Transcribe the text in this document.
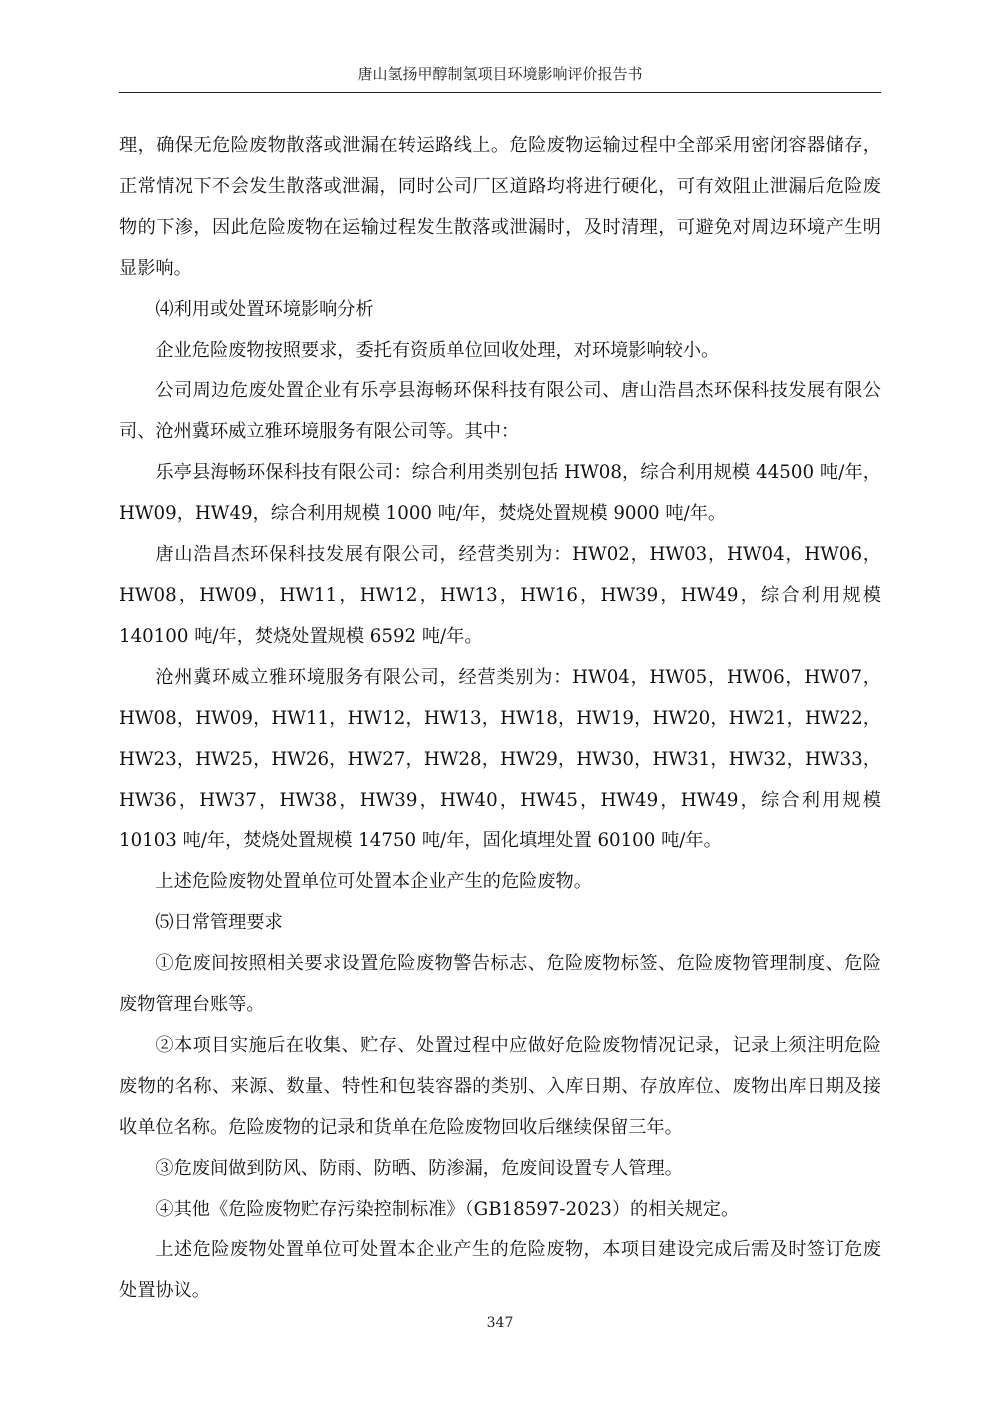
唐山氢扬甲醇制氢项目环境影响评价报告书

理，确保无危险废物散落或泄漏在转运路线上。危险废物运输过程中全部采用密闭容器储存，正常情况下不会发生散落或泄漏，同时公司厂区道路均将进行硬化，可有效阻止泄漏后危险废物的下渗，因此危险废物在运输过程发生散落或泄漏时，及时清理，可避免对周边环境产生明显影响。

⑷利用或处置环境影响分析

企业危险废物按照要求，委托有资质单位回收处理，对环境影响较小。

公司周边危废处置企业有乐亭县海畅环保科技有限公司、唐山浩昌杰环保科技发展有限公司、沧州冀环威立雅环境服务有限公司等。其中：

乐亭县海畅环保科技有限公司：综合利用类别包括 HW08，综合利用规模 44500 吨/年，HW09，HW49，综合利用规模 1000 吨/年，焚烧处置规模 9000 吨/年。

唐山浩昌杰环保科技发展有限公司，经营类别为：HW02，HW03，HW04，HW06，HW08，HW09，HW11，HW12，HW13，HW16，HW39，HW49，综合利用规模 140100 吨/年，焚烧处置规模 6592 吨/年。

沧州冀环威立雅环境服务有限公司，经营类别为：HW04，HW05，HW06，HW07，HW08，HW09，HW11，HW12，HW13，HW18，HW19，HW20，HW21，HW22，HW23，HW25，HW26，HW27，HW28，HW29，HW30，HW31，HW32，HW33，HW36，HW37，HW38，HW39，HW40，HW45，HW49，HW49，综合利用规模 10103 吨/年，焚烧处置规模 14750 吨/年，固化填埋处置 60100 吨/年。

上述危险废物处置单位可处置本企业产生的危险废物。

⑸日常管理要求

①危废间按照相关要求设置危险废物警告标志、危险废物标签、危险废物管理制度、危险废物管理台账等。

②本项目实施后在收集、贮存、处置过程中应做好危险废物情况记录，记录上须注明危险废物的名称、来源、数量、特性和包装容器的类别、入库日期、存放库位、废物出库日期及接收单位名称。危险废物的记录和货单在危险废物回收后继续保留三年。

③危废间做到防风、防雨、防晒、防渗漏，危废间设置专人管理。

④其他《危险废物贮存污染控制标准》（GB18597-2023）的相关规定。

上述危险废物处置单位可处置本企业产生的危险废物，本项目建设完成后需及时签订危废处置协议。

347
